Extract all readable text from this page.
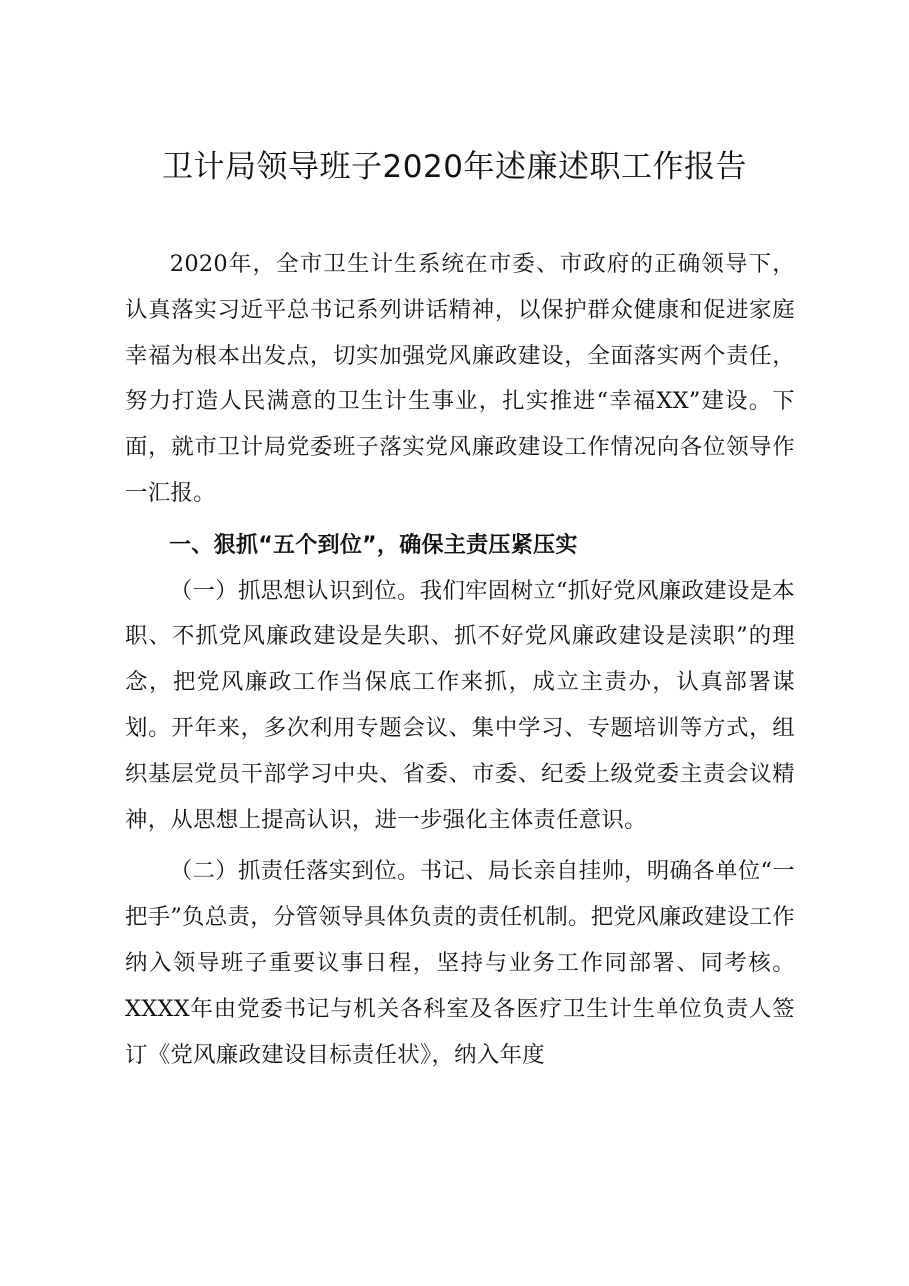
卫计局领导班子2020年述廉述职工作报告

2020年，全市卫生计生系统在市委、市政府的正确领导下，认真落实习近平总书记系列讲话精神，以保护群众健康和促进家庭幸福为根本出发点，切实加强党风廉政建设，全面落实两个责任，努力打造人民满意的卫生计生事业，扎实推进“幸福XX”建设。下面，就市卫计局党委班子落实党风廉政建设工作情况向各位领导作一汇报。

一、狠抓“五个到位”，确保主责压紧压实

（一）抓思想认识到位。我们牢固树立“抓好党风廉政建设是本职、不抓党风廉政建设是失职、抓不好党风廉政建设是渎职”的理念，把党风廉政工作当保底工作来抓，成立主责办，认真部署谋划。开年来，多次利用专题会议、集中学习、专题培训等方式，组织基层党员干部学习中央、省委、市委、纪委上级党委主责会议精神，从思想上提高认识，进一步强化主体责任意识。

（二）抓责任落实到位。书记、局长亲自挂帅，明确各单位“一把手”负总责，分管领导具体负责的责任机制。把党风廉政建设工作纳入领导班子重要议事日程，坚持与业务工作同部署、同考核。XXXX年由党委书记与机关各科室及各医疗卫生计生单位负责人签订《党风廉政建设目标责任状》，纳入年度
